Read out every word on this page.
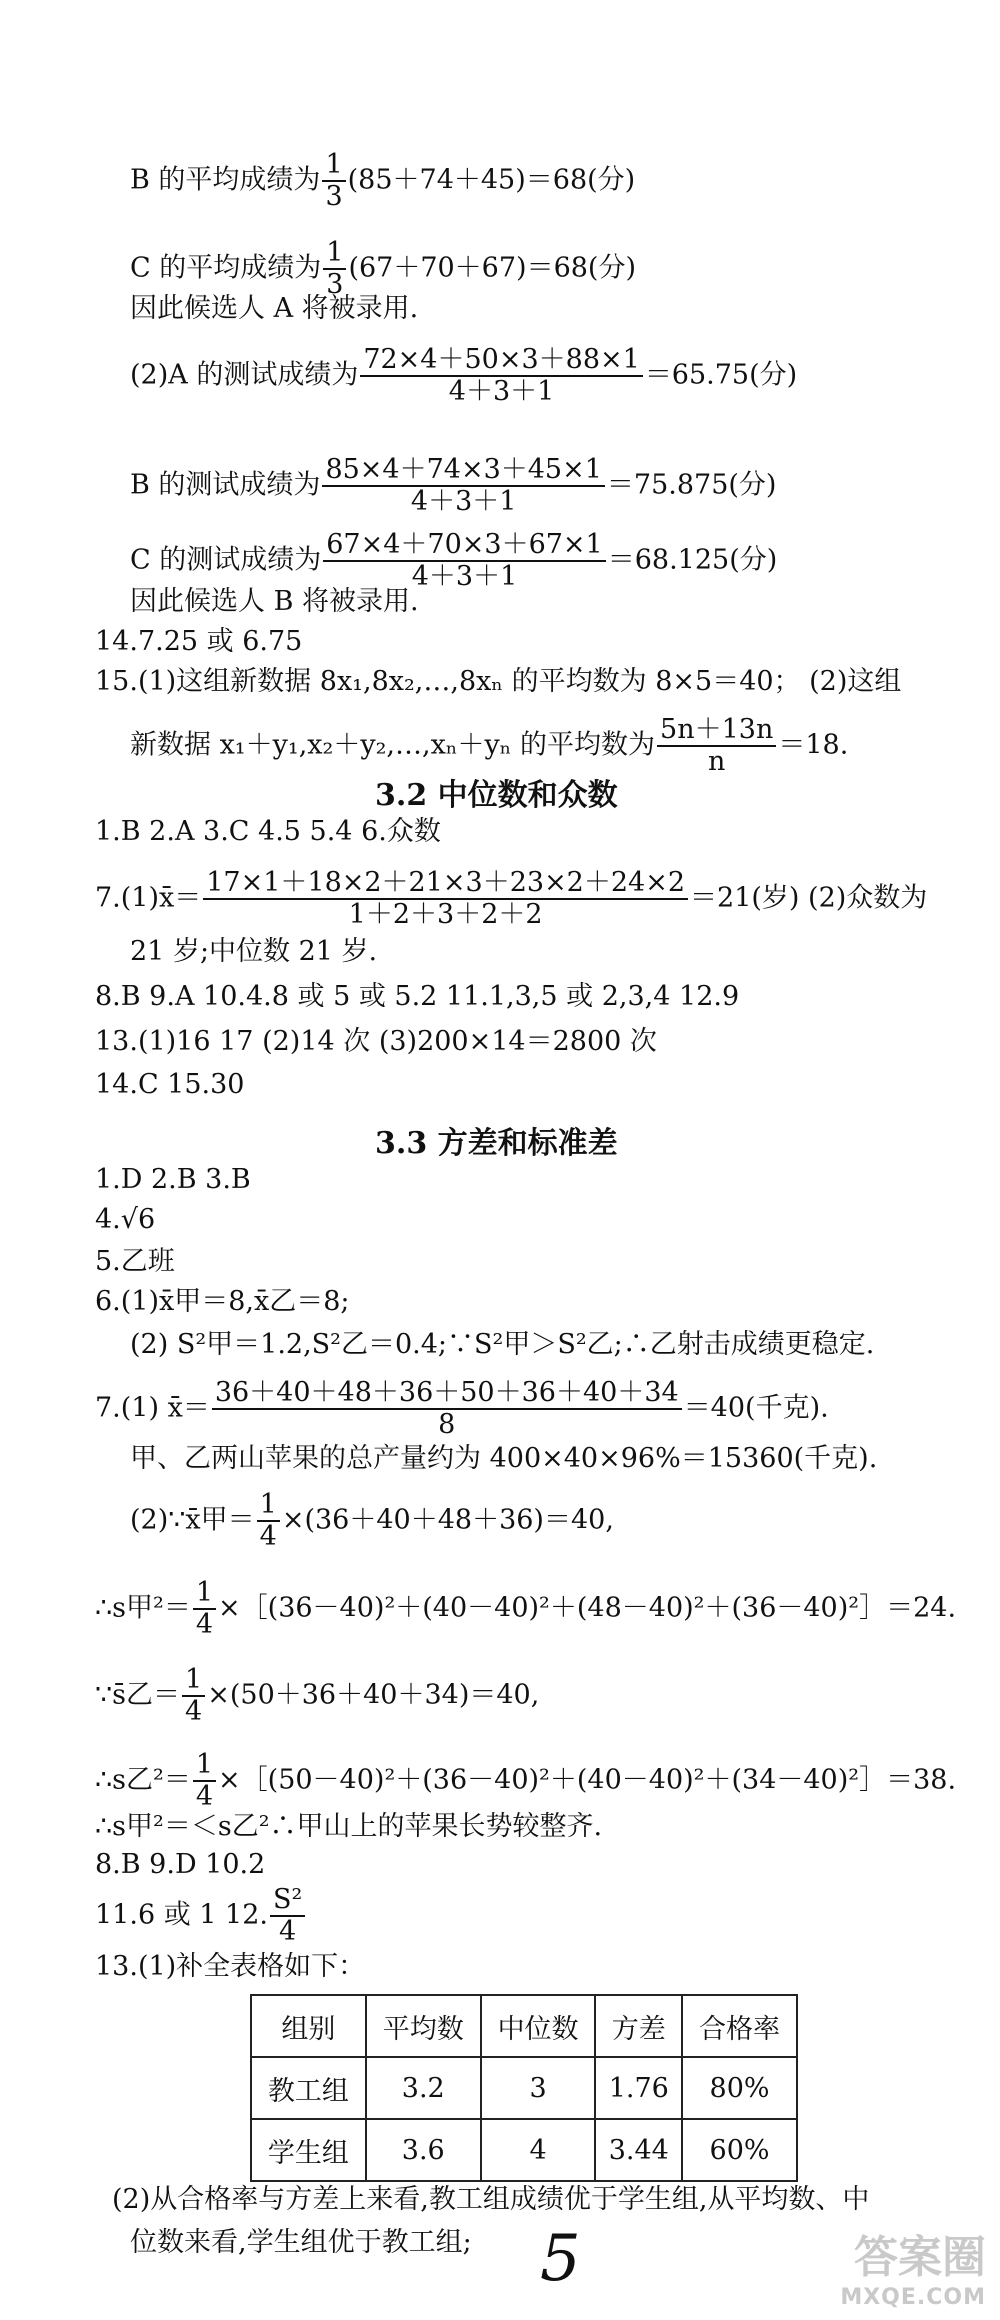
B 的平均成绩为 $\frac{1}{3} (85+74+45)=68$(分)
C 的平均成绩为 $\frac{1}{3} (67+70+67)=68$(分)
因此候选人 A 将被录用.
(2)A 的测试成绩为 $\frac{72\times 4+50\times 3+88\times 1}{4+3+1} =65.75$(分)
B 的测试成绩为 $\frac{85\times 4+74\times 3+45\times 1}{4+3+1} =75.875$(分)
C 的测试成绩为 $\frac{67\times 4+70\times 3+67\times 1}{4+3+1} =68.125$(分)
因此候选人 B 将被录用.
14.7.25 或 6.75
15.(1)这组新数据 8x₁,8x₂,…,8xₙ 的平均数为 8×5＝40； (2)这组
新数据 x₁＋y₁,x₂＋y₂,…,xₙ＋yₙ 的平均数为 $\frac{5n+13n}{n} =18$.
3.2 中位数和众数
1.B 2.A 3.C 4.5 5.4 6.众数
7.(1)x̄＝ $\frac{17\times 1+18\times 2+21\times 3+23\times 2+24\times 2}{1+2+3+2+2} =21$(岁) (2)众数为
21 岁;中位数 21 岁.
8.B 9.A 10.4.8 或 5 或 5.2 11.1,3,5 或 2,3,4 12.9
13.(1)16 17 (2)14 次 (3)200×14＝2800 次
14.C 15.30
3.3 方差和标准差
1.D 2.B 3.B
4.√6
5.乙班
6.(1)x̄甲＝8,x̄乙＝8;
(2) S²甲＝1.2,S²乙＝0.4;∵S²甲＞S²乙;∴乙射击成绩更稳定.
7.(1) x̄＝ $\frac{36+40+48+36+50+36+40+34}{8} =40$(千克).
甲、乙两山苹果的总产量约为 400×40×96%＝15360(千克).
(2)∵x̄甲＝ $\frac{1}{4} \times(36+40+48+36)=40$,
∴s甲$^2= \frac{1}{4}$ ×［(36－40)²＋(40－40)²＋(48－40)²＋(36－40)²］＝24.
∵s̄乙＝ $\frac{1}{4} \times(50+36+40+34)=40$,
∴s乙$^2= \frac{1}{4}$ ×［(50－40)²＋(36－40)²＋(40－40)²＋(34－40)²］＝38.
∴s甲²＝＜s乙²∴甲山上的苹果长势较整齐.
8.B 9.D 10.2
11.6 或 1 12. $\frac{\text{S²}}{4}$
13.(1)补全表格如下：
组别	平均数	中位数	方差	合格率
教工组	3.2	3	1.76	80%
学生组	3.6	4	3.44	60%
(2)从合格率与方差上来看,教工组成绩优于学生组,从平均数、中
位数来看,学生组优于教工组; 5	答案圈
MXQE.COM
